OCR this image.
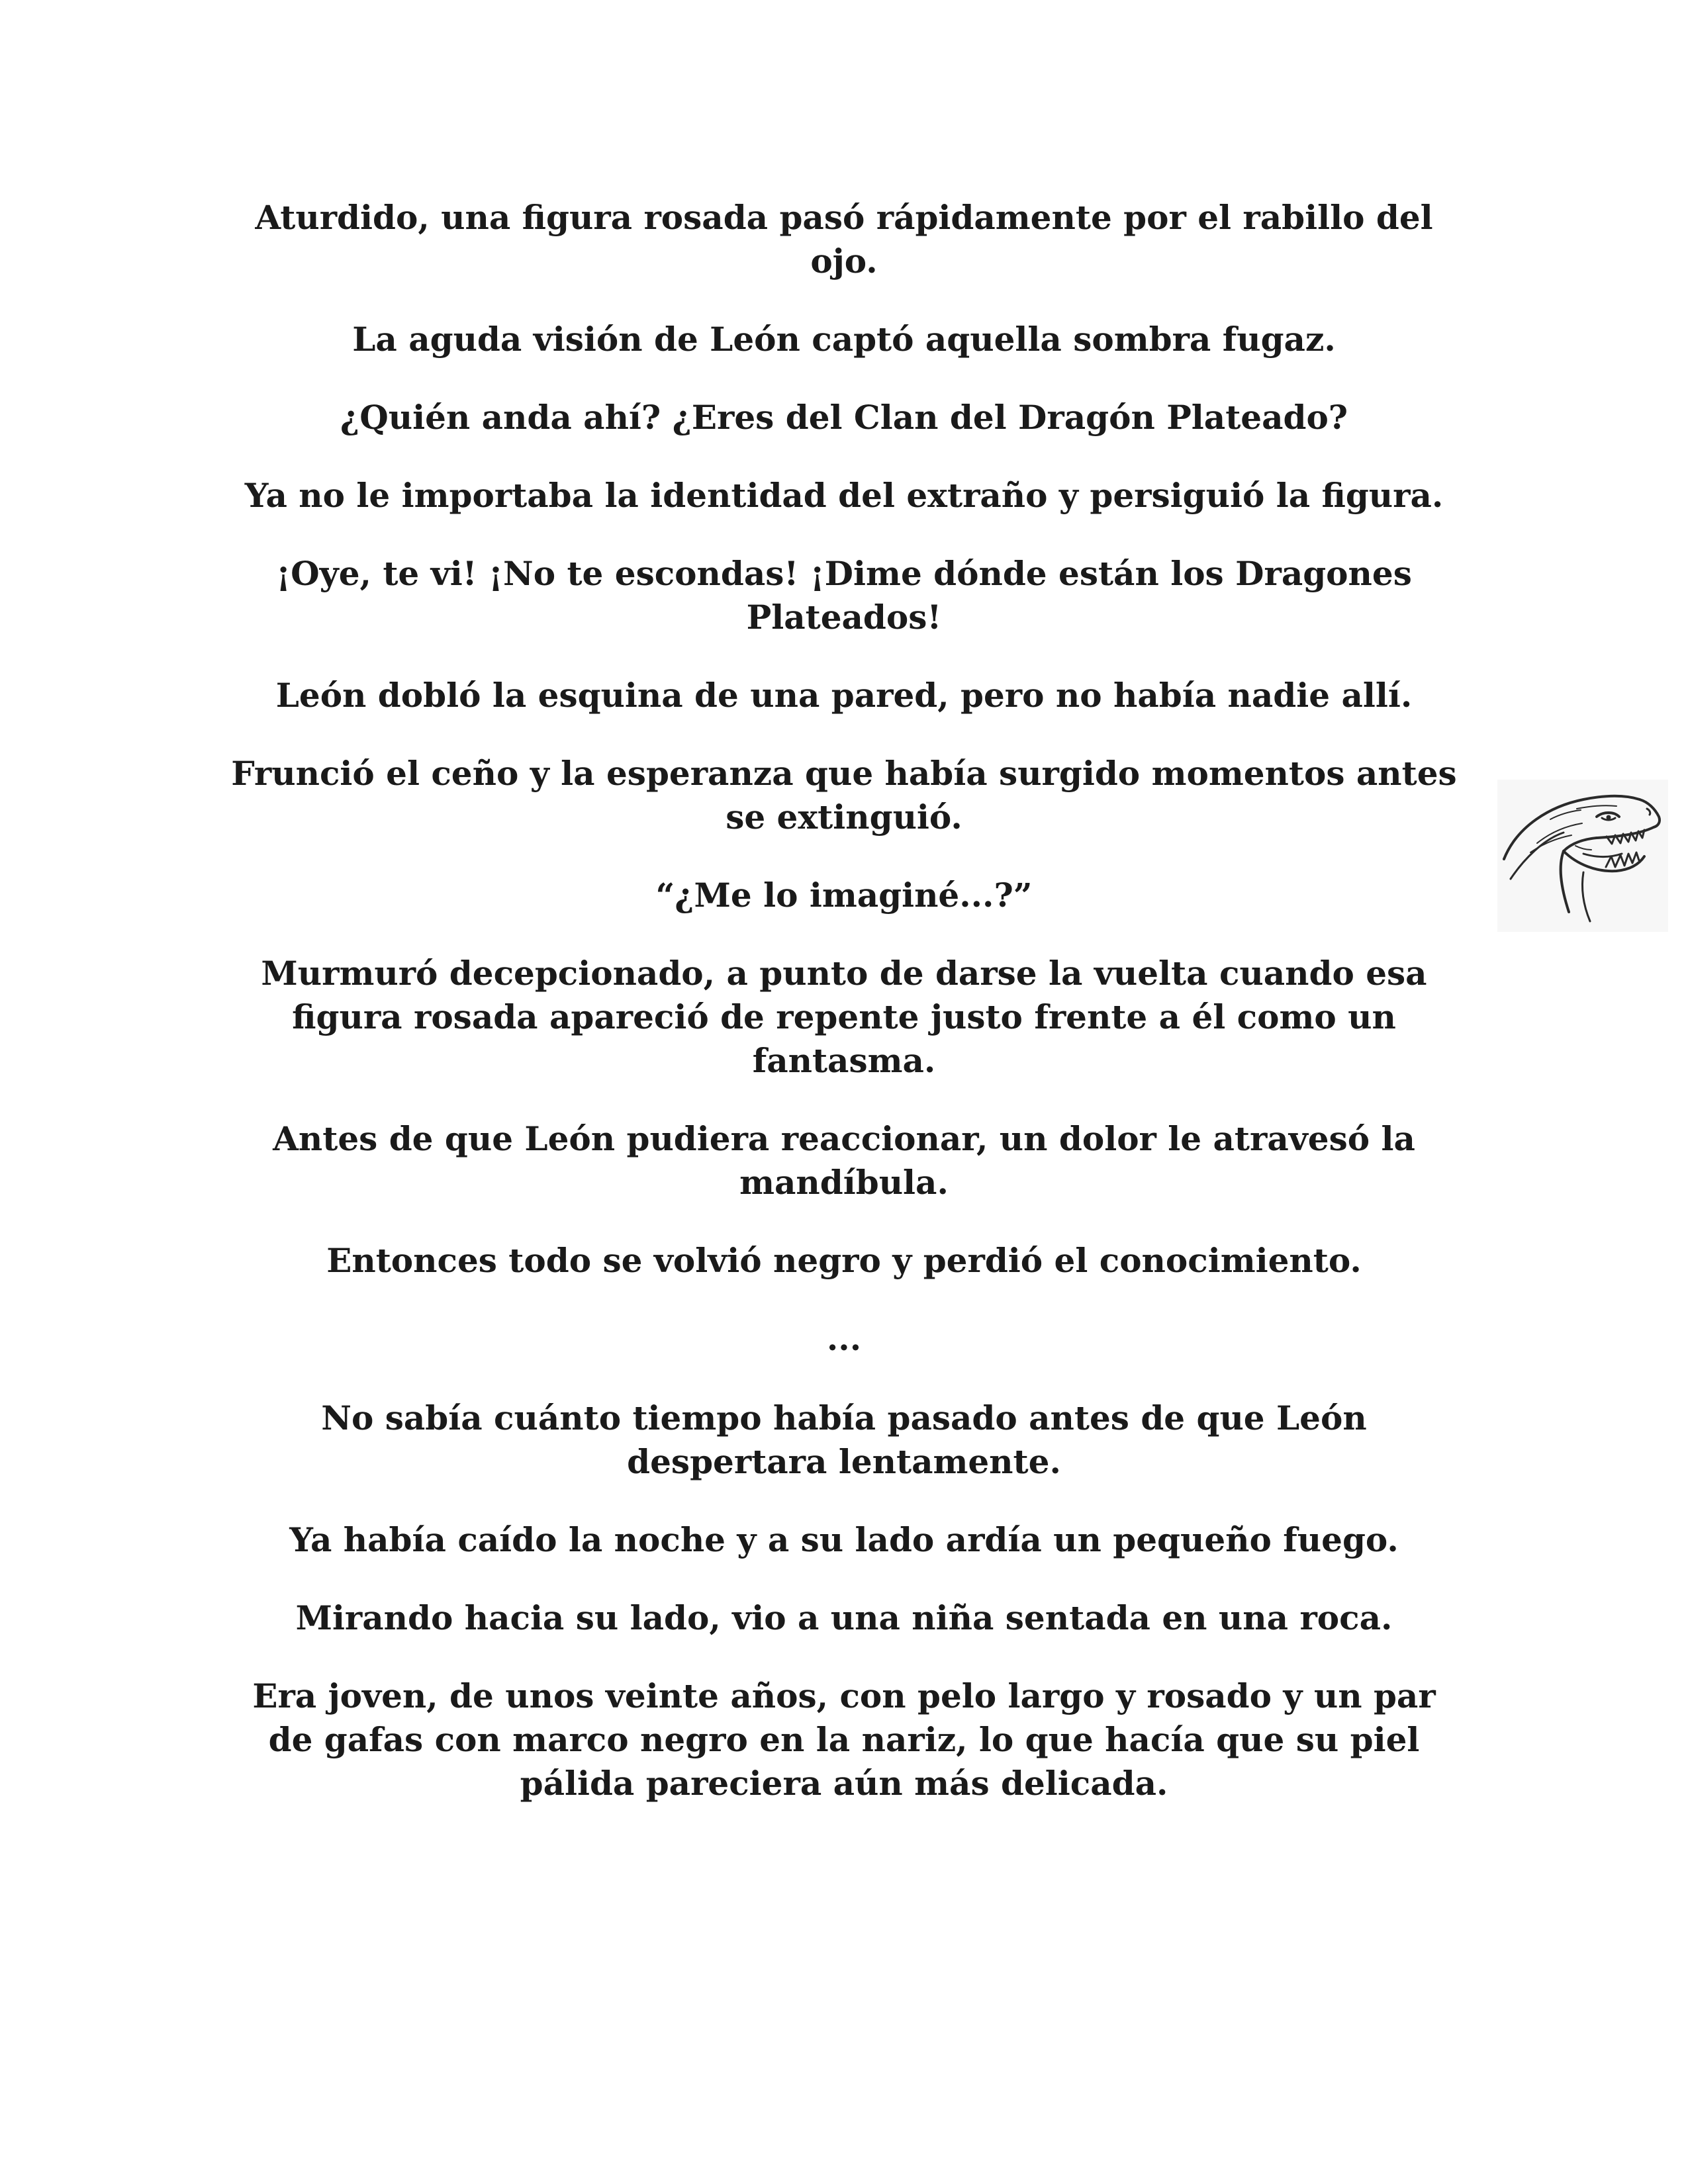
Aturdido, una figura rosada pasó rápidamente por el rabillo del ojo.

La aguda visión de León captó aquella sombra fugaz.

¿Quién anda ahí? ¿Eres del Clan del Dragón Plateado?

Ya no le importaba la identidad del extraño y persiguió la figura.

¡Oye, te vi! ¡No te escondas! ¡Dime dónde están los Dragones Plateados!

León dobló la esquina de una pared, pero no había nadie allí.

Frunció el ceño y la esperanza que había surgido momentos antes se extinguió.

“¿Me lo imaginé...?”

Murmuró decepcionado, a punto de darse la vuelta cuando esa figura rosada apareció de repente justo frente a él como un fantasma.

Antes de que León pudiera reaccionar, un dolor le atravesó la mandíbula.

Entonces todo se volvió negro y perdió el conocimiento.

...

No sabía cuánto tiempo había pasado antes de que León despertara lentamente.

Ya había caído la noche y a su lado ardía un pequeño fuego.

Mirando hacia su lado, vio a una niña sentada en una roca.

Era joven, de unos veinte años, con pelo largo y rosado y un par de gafas con marco negro en la nariz, lo que hacía que su piel pálida pareciera aún más delicada.
